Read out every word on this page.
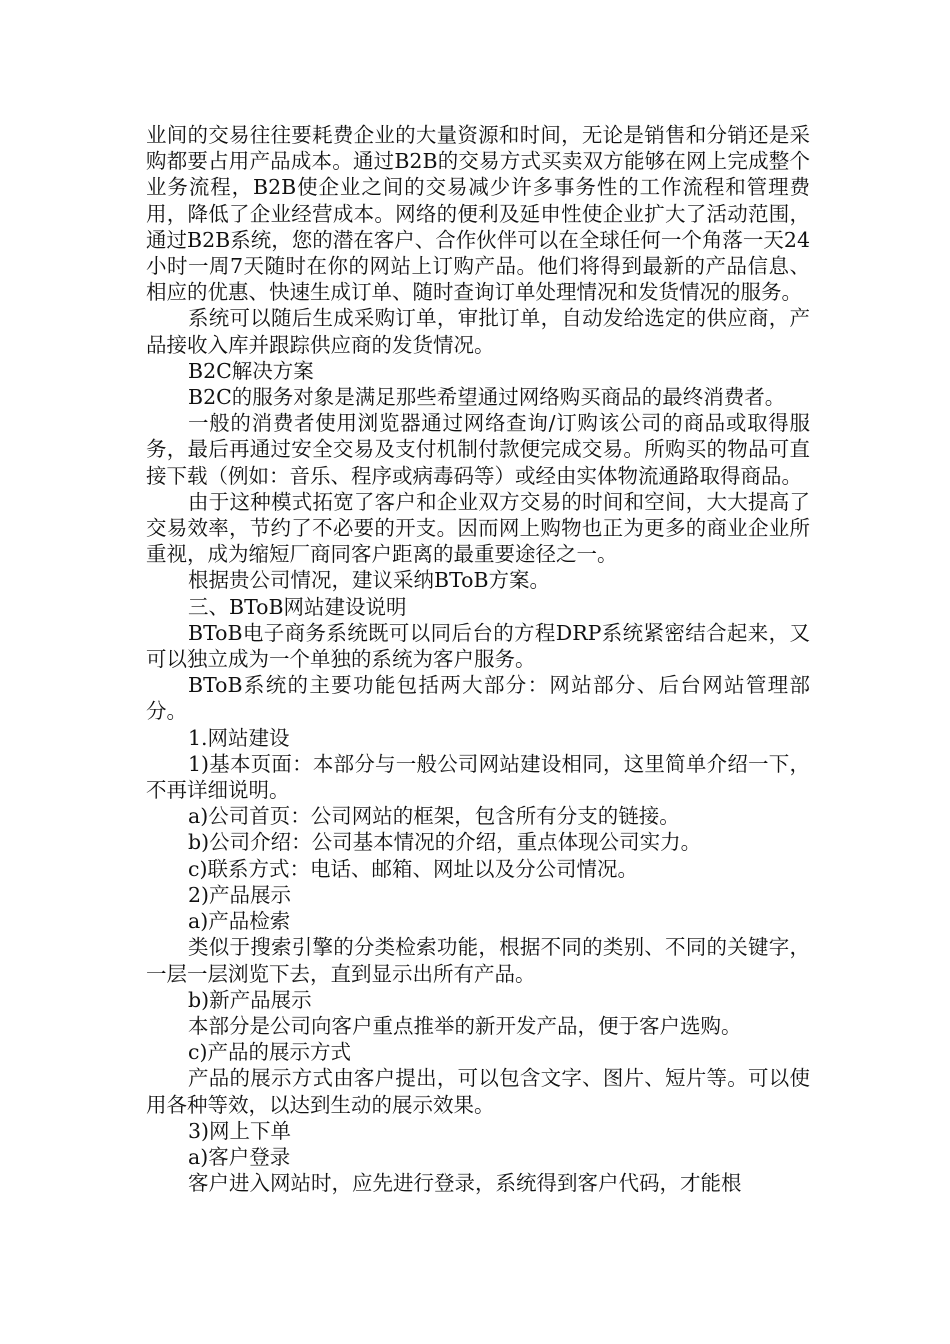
业间的交易往往要耗费企业的大量资源和时间，无论是销售和分销还是采购都要占用产品成本。通过B2B的交易方式买卖双方能够在网上完成整个业务流程，B2B使企业之间的交易减少许多事务性的工作流程和管理费用，降低了企业经营成本。网络的便利及延申性使企业扩大了活动范围，通过B2B系统，您的潜在客户、合作伙伴可以在全球任何一个角落一天24小时一周7天随时在你的网站上订购产品。他们将得到最新的产品信息、相应的优惠、快速生成订单、随时查询订单处理情况和发货情况的服务。

系统可以随后生成采购订单，审批订单，自动发给选定的供应商，产品接收入库并跟踪供应商的发货情况。

B2C解决方案

B2C的服务对象是满足那些希望通过网络购买商品的最终消费者。

一般的消费者使用浏览器通过网络查询/订购该公司的商品或取得服务，最后再通过安全交易及支付机制付款便完成交易。所购买的物品可直接下载（例如：音乐、程序或病毒码等）或经由实体物流通路取得商品。

由于这种模式拓宽了客户和企业双方交易的时间和空间，大大提高了交易效率，节约了不必要的开支。因而网上购物也正为更多的商业企业所重视，成为缩短厂商同客户距离的最重要途径之一。

根据贵公司情况，建议采纳BToB方案。

三、BToB网站建设说明

BToB电子商务系统既可以同后台的方程DRP系统紧密结合起来，又可以独立成为一个单独的系统为客户服务。

BToB系统的主要功能包括两大部分：网站部分、后台网站管理部分。

1.网站建设

1)基本页面：本部分与一般公司网站建设相同，这里简单介绍一下，不再详细说明。

a)公司首页：公司网站的框架，包含所有分支的链接。

b)公司介绍：公司基本情况的介绍，重点体现公司实力。

c)联系方式：电话、邮箱、网址以及分公司情况。

2)产品展示

a)产品检索

类似于搜索引擎的分类检索功能，根据不同的类别、不同的关键字，一层一层浏览下去，直到显示出所有产品。

b)新产品展示

本部分是公司向客户重点推举的新开发产品，便于客户选购。

c)产品的展示方式

产品的展示方式由客户提出，可以包含文字、图片、短片等。可以使用各种等效，以达到生动的展示效果。

3)网上下单

a)客户登录

客户进入网站时，应先进行登录，系统得到客户代码，才能根
